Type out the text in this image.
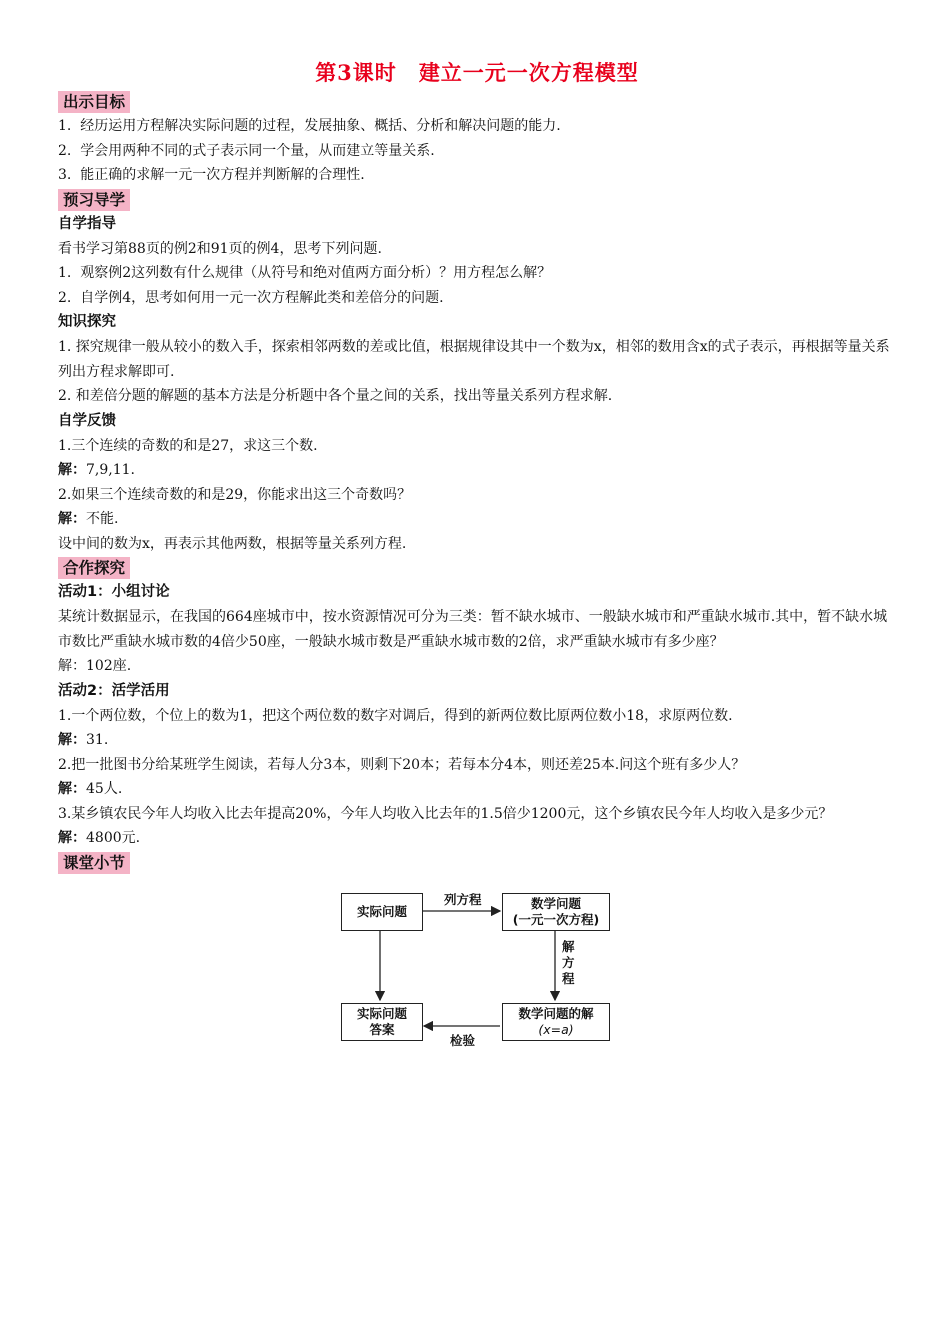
第3课时 建立一元一次方程模型
出示目标
1.  经历运用方程解决实际问题的过程，发展抽象、概括、分析和解决问题的能力.
2.  学会用两种不同的式子表示同一个量，从而建立等量关系.
3.  能正确的求解一元一次方程并判断解的合理性.
预习导学
自学指导
看书学习第88页的例2和91页的例4，思考下列问题.
1.  观察例2这列数有什么规律（从符号和绝对值两方面分析）？用方程怎么解？
2.  自学例4，思考如何用一元一次方程解此类和差倍分的问题.
知识探究
1. 探究规律一般从较小的数入手，探索相邻两数的差或比值，根据规律设其中一个数为x，相邻的数用含x的式子表示，再根据等量关系列出方程求解即可.
2. 和差倍分题的解题的基本方法是分析题中各个量之间的关系，找出等量关系列方程求解.
自学反馈
1.三个连续的奇数的和是27，求这三个数.
解：7,9,11.
2.如果三个连续奇数的和是29，你能求出这三个奇数吗？
解：不能.
设中间的数为x，再表示其他两数，根据等量关系列方程.
合作探究
活动1：小组讨论
某统计数据显示，在我国的664座城市中，按水资源情况可分为三类：暂不缺水城市、一般缺水城市和严重缺水城市.其中，暂不缺水城市数比严重缺水城市数的4倍少50座，一般缺水城市数是严重缺水城市数的2倍，求严重缺水城市有多少座？
解：102座.
活动2：活学活用
1.一个两位数，个位上的数为1，把这个两位数的数字对调后，得到的新两位数比原两位数小18，求原两位数.
解：31.
2.把一批图书分给某班学生阅读，若每人分3本，则剩下20本；若每本分4本，则还差25本.问这个班有多少人？
解：45人.
3.某乡镇农民今年人均收入比去年提高20%，今年人均收入比去年的1.5倍少1200元，这个乡镇农民今年人均收入是多少元？
解：4800元.
课堂小节
实际问题
数学问题
(一元一次方程)
数学问题的解
(x=a)
实际问题
答案
列方程
解
方
程
检验
